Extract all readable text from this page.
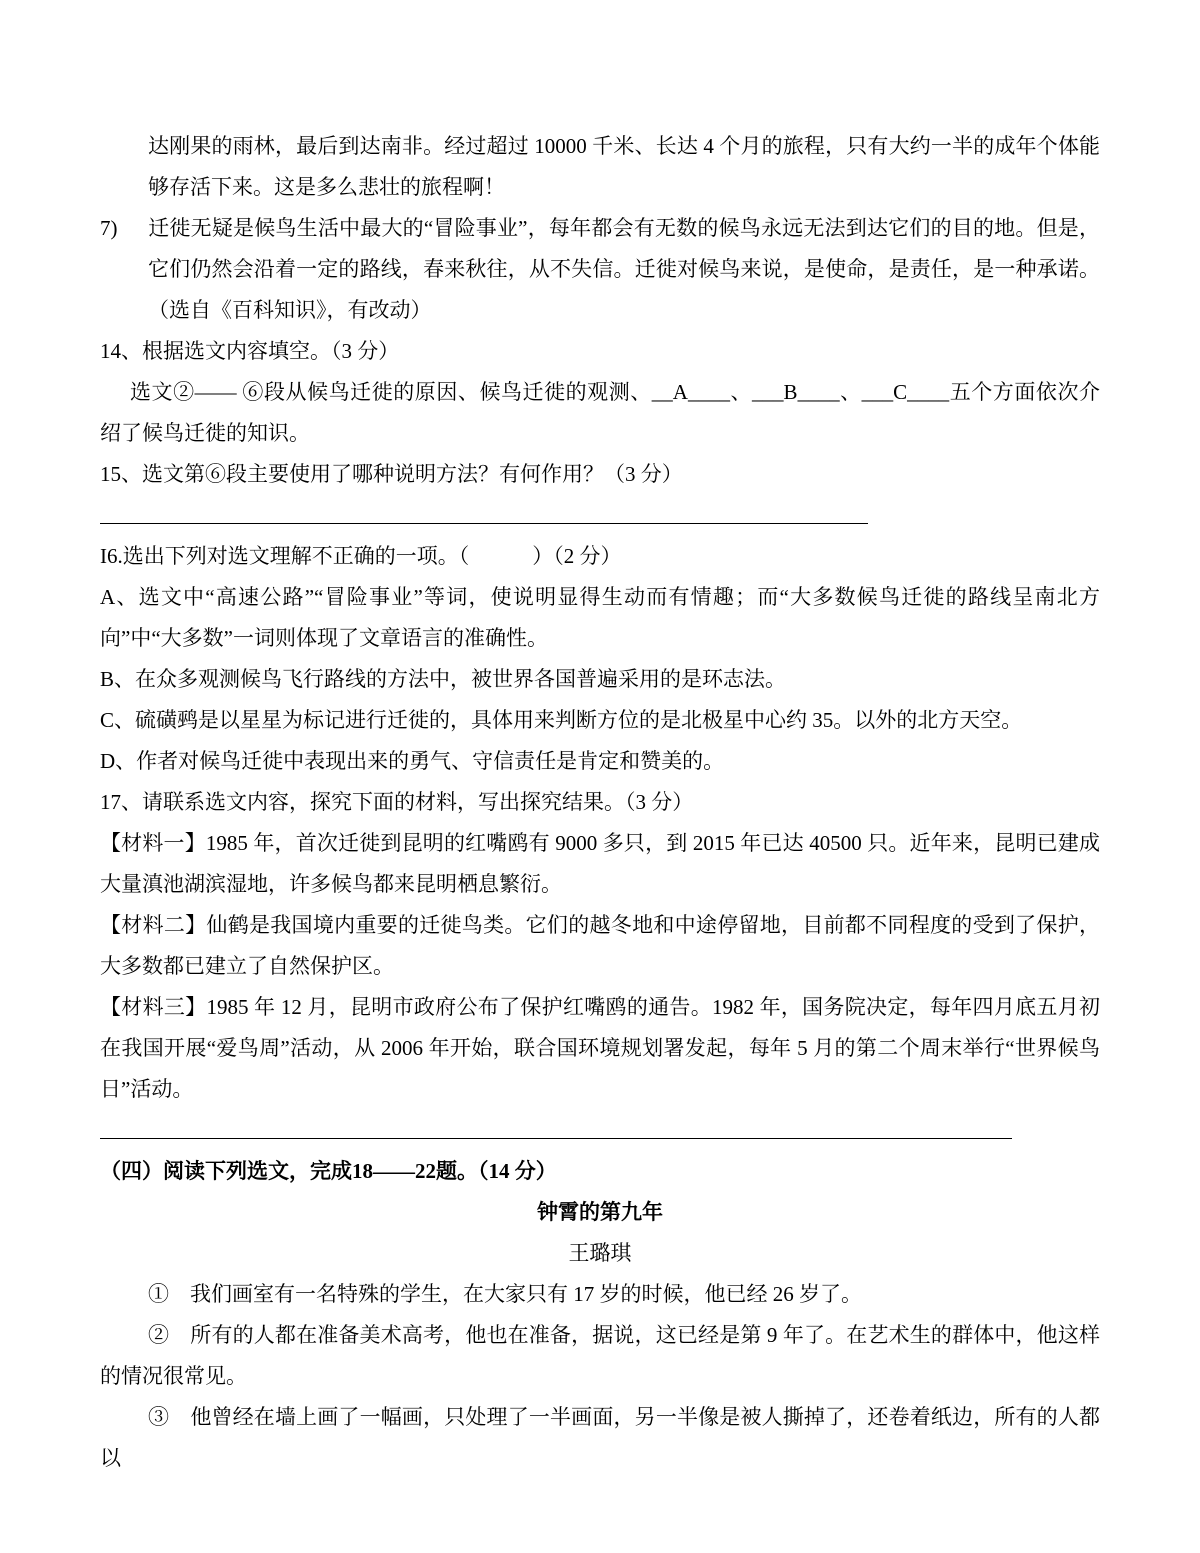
达刚果的雨林，最后到达南非。经过超过 10000 千米、长达 4 个月的旅程，只有大约一半的成年个体能够存活下来。这是多么悲壮的旅程啊！

7) 迁徙无疑是候鸟生活中最大的“冒险事业”，每年都会有无数的候鸟永远无法到达它们的目的地。但是，它们仍然会沿着一定的路线，春来秋往，从不失信。迁徙对候鸟来说，是使命，是责任，是一种承诺。（选自《百科知识》，有改动）

14、根据选文内容填空。（3 分）

选文②—— ⑥段从候鸟迁徙的原因、候鸟迁徙的观测、__A____、___B____、___C____五个方面依次介绍了候鸟迁徙的知识。

15、选文第⑥段主要使用了哪种说明方法？有何作用？（3 分）

I6.选出下列对选文理解不正确的一项。（　　　）（2 分）

A、选文中“高速公路”“冒险事业”等词，使说明显得生动而有情趣；而“大多数候鸟迁徙的路线呈南北方向”中“大多数”一词则体现了文章语言的准确性。

B、在众多观测候鸟飞行路线的方法中，被世界各国普遍采用的是环志法。

C、硫磺鹀是以星星为标记进行迁徙的，具体用来判断方位的是北极星中心约 35。以外的北方天空。

D、作者对候鸟迁徙中表现出来的勇气、守信责任是肯定和赞美的。

17、请联系选文内容，探究下面的材料，写出探究结果。（3 分）

【材料一】1985 年，首次迁徙到昆明的红嘴鸥有 9000 多只，到 2015 年已达 40500 只。近年来，昆明已建成大量滇池湖滨湿地，许多候鸟都来昆明栖息繁衍。

【材料二】仙鹤是我国境内重要的迁徙鸟类。它们的越冬地和中途停留地，目前都不同程度的受到了保护，大多数都已建立了自然保护区。

【材料三】1985 年 12 月，昆明市政府公布了保护红嘴鸥的通告。1982 年，国务院决定，每年四月底五月初在我国开展“爱鸟周”活动，从 2006 年开始，联合国环境规划署发起，每年 5 月的第二个周末举行“世界候鸟日”活动。

（四）阅读下列选文，完成18——22题。（14 分）

钟霄的第九年

王璐琪

①　我们画室有一名特殊的学生，在大家只有 17 岁的时候，他已经 26 岁了。

②　所有的人都在准备美术高考，他也在准备，据说，这已经是第 9 年了。在艺术生的群体中，他这样的情况很常见。

③　他曾经在墙上画了一幅画，只处理了一半画面，另一半像是被人撕掉了，还卷着纸边，所有的人都以
